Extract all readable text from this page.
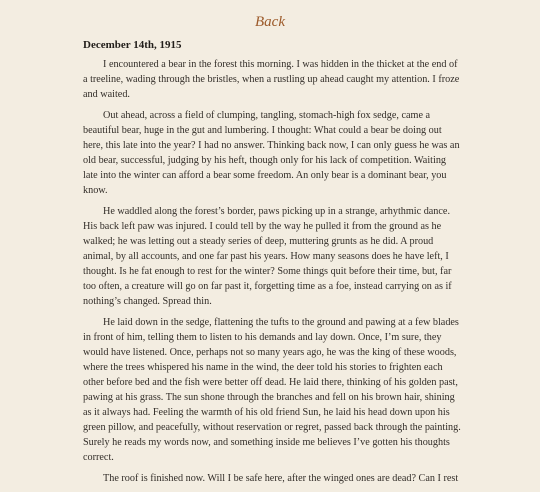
Back
December 14th, 1915

I encountered a bear in the forest this morning. I was hidden in the thicket at the end of a treeline, wading through the bristles, when a rustling up ahead caught my attention. I froze and waited.

Out ahead, across a field of clumping, tangling, stomach-high fox sedge, came a beautiful bear, huge in the gut and lumbering. I thought: What could a bear be doing out here, this late into the year? I had no answer. Thinking back now, I can only guess he was an old bear, successful, judging by his heft, though only for his lack of competition. Waiting late into the winter can afford a bear some freedom. An only bear is a dominant bear, you know.

He waddled along the forest’s border, paws picking up in a strange, arhythmic dance. His back left paw was injured. I could tell by the way he pulled it from the ground as he walked; he was letting out a steady series of deep, muttering grunts as he did. A proud animal, by all accounts, and one far past his years. How many seasons does he have left, I thought. Is he fat enough to rest for the winter? Some things quit before their time, but, far too often, a creature will go on far past it, forgetting time as a foe, instead carrying on as if nothing’s changed. Spread thin.

He laid down in the sedge, flattening the tufts to the ground and pawing at a few blades in front of him, telling them to listen to his demands and lay down. Once, I’m sure, they would have listened. Once, perhaps not so many years ago, he was the king of these woods, where the trees whispered his name in the wind, the deer told his stories to frighten each other before bed and the fish were better off dead. He laid there, thinking of his golden past, pawing at his grass. The sun shone through the branches and fell on his brown hair, shining as it always had. Feeling the warmth of his old friend Sun, he laid his head down upon his green pillow, and peacefully, without reservation or regret, passed back through the painting. Surely he reads my words now, and something inside me believes I’ve gotten his thoughts correct.

The roof is finished now. Will I be safe here, after the winged ones are dead? Can I rest
